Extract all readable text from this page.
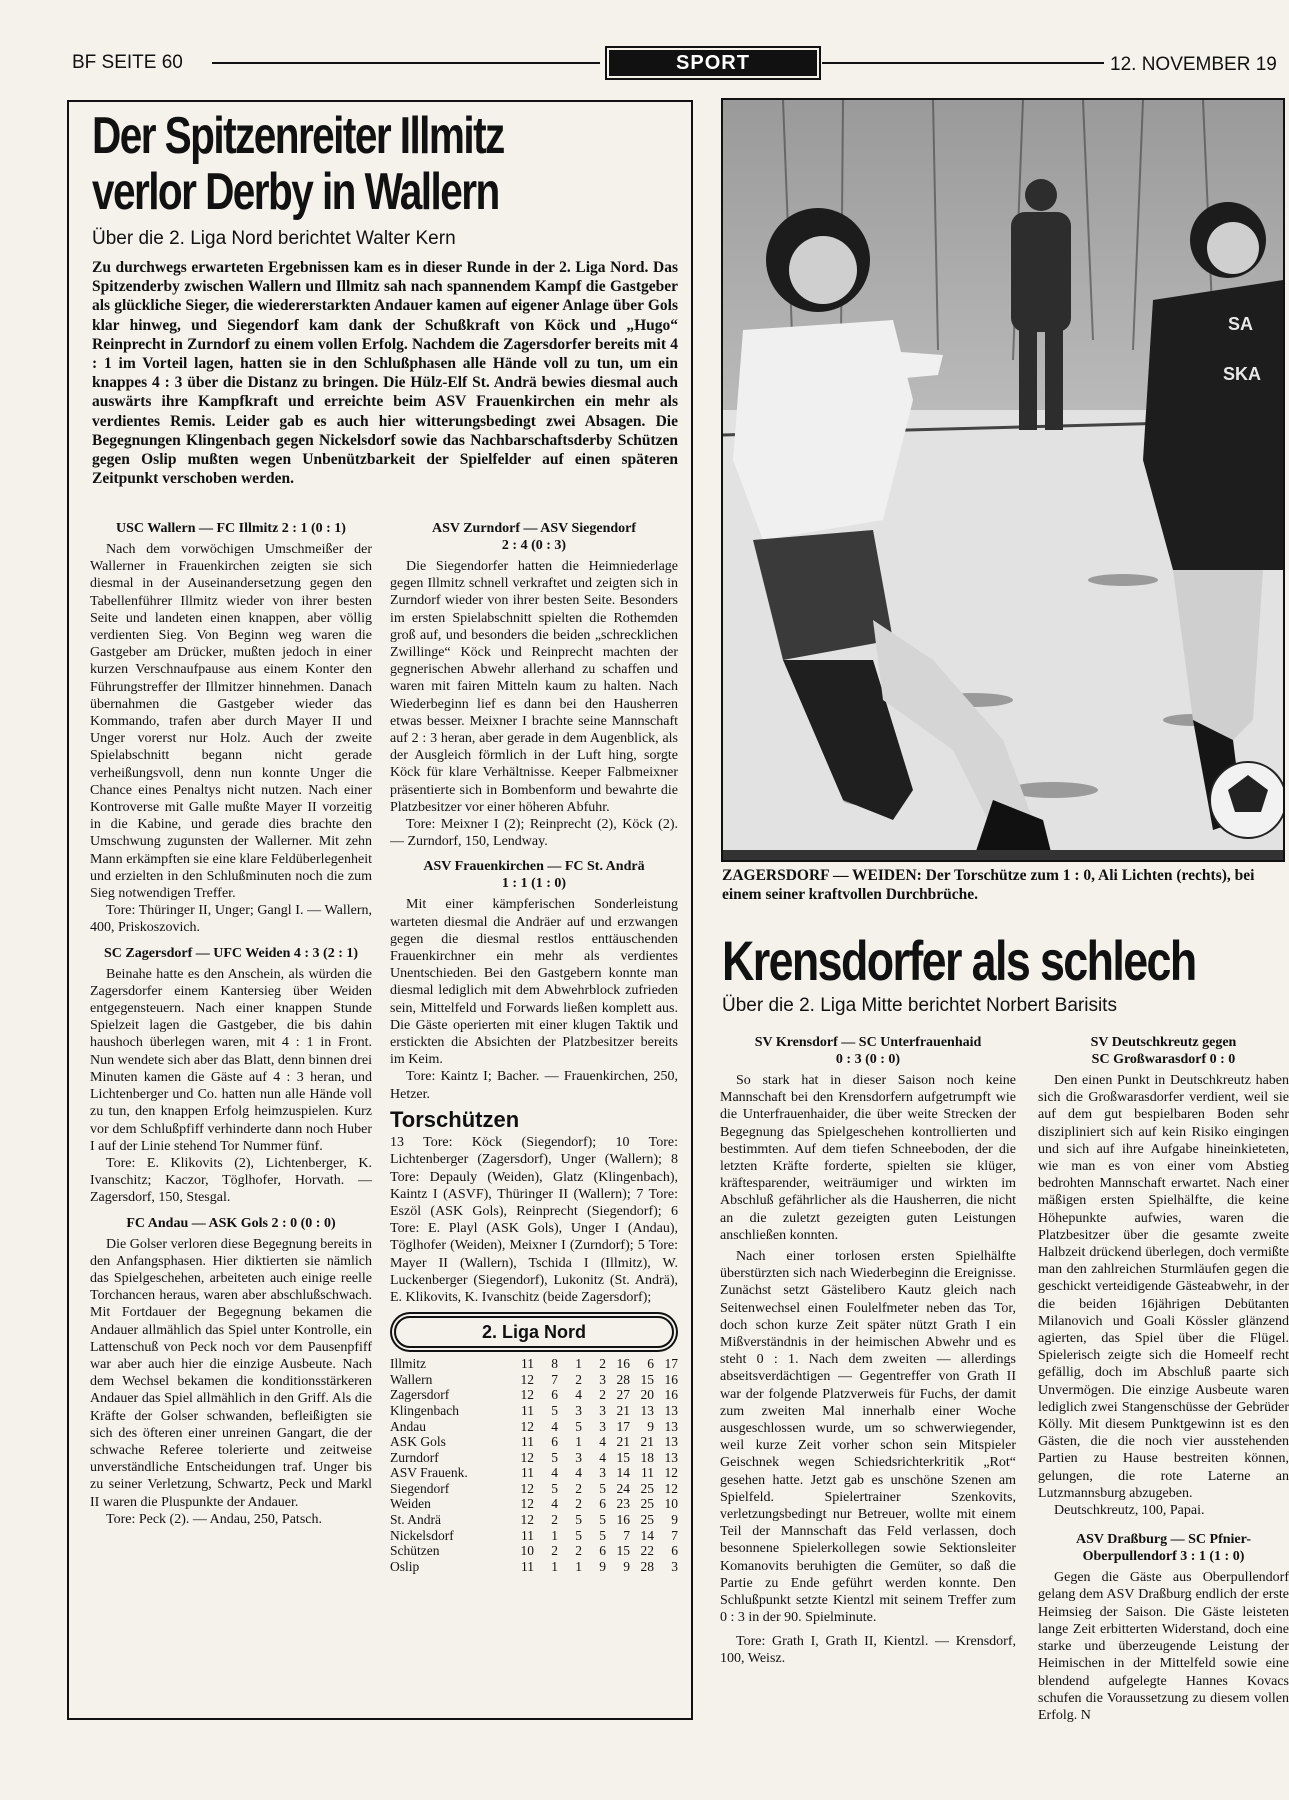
BF SEITE 60	SPORT	12. NOVEMBER 19
Der Spitzenreiter Illmitz
verlor Derby in Wallern
Über die 2. Liga Nord berichtet Walter Kern
Zu durchwegs erwarteten Ergebnissen kam es in dieser Runde in der 2. Liga Nord. Das Spitzenderby zwischen Wallern und Illmitz sah nach spannendem Kampf die Gastgeber als glückliche Sieger, die wiedererstarkten Andauer kamen auf eigener Anlage über Gols klar hinweg, und Siegendorf kam dank der Schußkraft von Köck und „Hugo“ Reinprecht in Zurndorf zu einem vollen Erfolg. Nachdem die Zagersdorfer bereits mit 4 : 1 im Vorteil lagen, hatten sie in den Schlußphasen alle Hände voll zu tun, um ein knappes 4 : 3 über die Distanz zu bringen. Die Hülz-Elf St. Andrä bewies diesmal auch auswärts ihre Kampfkraft und erreichte beim ASV Frauenkirchen ein mehr als verdientes Remis. Leider gab es auch hier witterungsbedingt zwei Absagen. Die Begegnungen Klingenbach gegen Nickelsdorf sowie das Nachbarschaftsderby Schützen gegen Oslip mußten wegen Unbenützbarkeit der Spielfelder auf einen späteren Zeitpunkt verschoben werden.
USC Wallern — FC Illmitz 2 : 1 (0 : 1)

Nach dem vorwöchigen Umschmeißer der Wallerner in Frauenkirchen zeigten sie sich diesmal in der Auseinandersetzung gegen den Tabellenführer Illmitz wieder von ihrer besten Seite und landeten einen knappen, aber völlig verdienten Sieg. Von Beginn weg waren die Gastgeber am Drücker, mußten jedoch in einer kurzen Verschnaufpause aus einem Konter den Führungstreffer der Illmitzer hinnehmen. Danach übernahmen die Gastgeber wieder das Kommando, trafen aber durch Mayer II und Unger vorerst nur Holz. Auch der zweite Spielabschnitt begann nicht gerade verheißungsvoll, denn nun konnte Unger die Chance eines Penaltys nicht nutzen. Nach einer Kontroverse mit Galle mußte Mayer II vorzeitig in die Kabine, und gerade dies brachte den Umschwung zugunsten der Wallerner. Mit zehn Mann erkämpften sie eine klare Feldüberlegenheit und erzielten in den Schlußminuten noch die zum Sieg notwendigen Treffer.

Tore: Thüringer II, Unger; Gangl I. — Wallern, 400, Priskoszovich.

SC Zagersdorf — UFC Weiden 4 : 3 (2 : 1)

Beinahe hatte es den Anschein, als würden die Zagersdorfer einem Kantersieg über Weiden entgegensteuern. Nach einer knappen Stunde Spielzeit lagen die Gastgeber, die bis dahin haushoch überlegen waren, mit 4 : 1 in Front. Nun wendete sich aber das Blatt, denn binnen drei Minuten kamen die Gäste auf 4 : 3 heran, und Lichtenberger und Co. hatten nun alle Hände voll zu tun, den knappen Erfolg heimzuspielen. Kurz vor dem Schlußpfiff verhinderte dann noch Huber I auf der Linie stehend Tor Nummer fünf.

Tore: E. Klikovits (2), Lichtenberger, K. Ivanschitz; Kaczor, Töglhofer, Horvath. — Zagersdorf, 150, Stesgal.

FC Andau — ASK Gols 2 : 0 (0 : 0)

Die Golser verloren diese Begegnung bereits in den Anfangsphasen. Hier diktierten sie nämlich das Spielgeschehen, arbeiteten auch einige reelle Torchancen heraus, waren aber abschlußschwach. Mit Fortdauer der Begegnung bekamen die Andauer allmählich das Spiel unter Kontrolle, ein Lattenschuß von Peck noch vor dem Pausenpfiff war aber auch hier die einzige Ausbeute. Nach dem Wechsel bekamen die konditionsstärkeren Andauer das Spiel allmählich in den Griff. Als die Kräfte der Golser schwanden, befleißigten sie sich des öfteren einer unreinen Gangart, die der schwache Referee tolerierte und zeitweise unverständliche Entscheidungen traf. Unger bis zu seiner Verletzung, Schwartz, Peck und Markl II waren die Pluspunkte der Andauer.

Tore: Peck (2). — Andau, 250, Patsch.

ASV Zurndorf — ASV Siegendorf
2 : 4 (0 : 3)

Die Siegendorfer hatten die Heimniederlage gegen Illmitz schnell verkraftet und zeigten sich in Zurndorf wieder von ihrer besten Seite. Besonders im ersten Spielabschnitt spielten die Rothemden groß auf, und besonders die beiden „schrecklichen Zwillinge“ Köck und Reinprecht machten der gegnerischen Abwehr allerhand zu schaffen und waren mit fairen Mitteln kaum zu halten. Nach Wiederbeginn lief es dann bei den Hausherren etwas besser. Meixner I brachte seine Mannschaft auf 2 : 3 heran, aber gerade in dem Augenblick, als der Ausgleich förmlich in der Luft hing, sorgte Köck für klare Verhältnisse. Keeper Falbmeixner präsentierte sich in Bombenform und bewahrte die Platzbesitzer vor einer höheren Abfuhr.

Tore: Meixner I (2); Reinprecht (2), Köck (2). — Zurndorf, 150, Lendway.

ASV Frauenkirchen — FC St. Andrä
1 : 1 (1 : 0)

Mit einer kämpferischen Sonderleistung warteten diesmal die Andräer auf und erzwangen gegen die diesmal restlos enttäuschenden Frauenkirchner ein mehr als verdientes Unentschieden. Bei den Gastgebern konnte man diesmal lediglich mit dem Abwehrblock zufrieden sein, Mittelfeld und Forwards ließen komplett aus. Die Gäste operierten mit einer klugen Taktik und erstickten die Absichten der Platzbesitzer bereits im Keim.

Tore: Kaintz I; Bacher. — Frauenkirchen, 250, Hetzer.

Torschützen

13 Tore: Köck (Siegendorf); 10 Tore: Lichtenberger (Zagersdorf), Unger (Wallern); 8 Tore: Depauly (Weiden), Glatz (Klingenbach), Kaintz I (ASVF), Thüringer II (Wallern); 7 Tore: Eszöl (ASK Gols), Reinprecht (Siegendorf); 6 Tore: E. Playl (ASK Gols), Unger I (Andau), Töglhofer (Weiden), Meixner I (Zurndorf); 5 Tore: Mayer II (Wallern), Tschida I (Illmitz), W. Luckenberger (Siegendorf), Lukonitz (St. Andrä), E. Klikovits, K. Ivanschitz (beide Zagersdorf);

2. Liga Nord
Illmitz	11	8	1	2	16	6	17
Wallern	12	7	2	3	28	15	16
Zagersdorf	12	6	4	2	27	20	16
Klingenbach	11	5	3	3	21	13	13
Andau	12	4	5	3	17	9	13
ASK Gols	11	6	1	4	21	21	13
Zurndorf	12	5	3	4	15	18	13
ASV Frauenk.	11	4	4	3	14	11	12
Siegendorf	12	5	2	5	24	25	12
Weiden	12	4	2	6	23	25	10
St. Andrä	12	2	5	5	16	25	9
Nickelsdorf	11	1	5	5	7	14	7
Schützen	10	2	2	6	15	22	6
Oslip	11	1	1	9	9	28	3
SA
SKA
ZAGERSDORF — WEIDEN: Der Torschütze zum 1 : 0, Ali Lichten (rechts), bei einem seiner kraftvollen Durchbrüche.
Krensdorfer als schlech
Über die 2. Liga Mitte berichtet Norbert Barisits
SV Krensdorf — SC Unterfrauenhaid
0 : 3 (0 : 0)

So stark hat in dieser Saison noch keine Mannschaft bei den Krensdorfern aufgetrumpft wie die Unterfrauenhaider, die über weite Strecken der Begegnung das Spielgeschehen kontrollierten und bestimmten. Auf dem tiefen Schneeboden, der die letzten Kräfte forderte, spielten sie klüger, kräftesparender, weiträumiger und wirkten im Abschluß gefährlicher als die Hausherren, die nicht an die zuletzt gezeigten guten Leistungen anschließen konnten.

Nach einer torlosen ersten Spielhälfte überstürzten sich nach Wiederbeginn die Ereignisse. Zunächst setzt Gästelibero Kautz gleich nach Seitenwechsel einen Foulelfmeter neben das Tor, doch schon kurze Zeit später nützt Grath I ein Mißverständnis in der heimischen Abwehr und es steht 0 : 1. Nach dem zweiten — allerdings abseitsverdächtigen — Gegentreffer von Grath II war der folgende Platzverweis für Fuchs, der damit zum zweiten Mal innerhalb einer Woche ausgeschlossen wurde, um so schwerwiegender, weil kurze Zeit vorher schon sein Mitspieler Geischnek wegen Schiedsrichterkritik „Rot“ gesehen hatte. Jetzt gab es unschöne Szenen am Spielfeld. Spielertrainer Szenkovits, verletzungsbedingt nur Betreuer, wollte mit einem Teil der Mannschaft das Feld verlassen, doch besonnene Spielerkollegen sowie Sektionsleiter Komanovits beruhigten die Gemüter, so daß die Partie zu Ende geführt werden konnte. Den Schlußpunkt setzte Kientzl mit seinem Treffer zum 0 : 3 in der 90. Spielminute.

Tore: Grath I, Grath II, Kientzl. — Krensdorf, 100, Weisz.

SV Deutschkreutz gegen
SC Großwarasdorf 0 : 0

Den einen Punkt in Deutschkreutz haben sich die Großwarasdorfer verdient, weil sie auf dem gut bespielbaren Boden sehr diszipliniert sich auf kein Risiko eingingen und sich auf ihre Aufgabe hineinkieteten, wie man es von einer vom Abstieg bedrohten Mannschaft erwartet. Nach einer mäßigen ersten Spielhälfte, die keine Höhepunkte aufwies, waren die Platzbesitzer über die gesamte zweite Halbzeit drückend überlegen, doch vermißte man den zahlreichen Sturmläufen gegen die geschickt verteidigende Gästeabwehr, in der die beiden 16jährigen Debütanten Milanovich und Goali Kössler glänzend agierten, das Spiel über die Flügel. Spielerisch zeigte sich die Homeelf recht gefällig, doch im Abschluß paarte sich Unvermögen. Die einzige Ausbeute waren lediglich zwei Stangenschüsse der Gebrüder Kölly. Mit diesem Punktgewinn ist es den Gästen, die die noch vier ausstehenden Partien zu Hause bestreiten können, gelungen, die rote Laterne an Lutzmannsburg abzugeben.

Deutschkreutz, 100, Papai.

ASV Draßburg — SC Pfnier-
Oberpullendorf 3 : 1 (1 : 0)

Gegen die Gäste aus Oberpullendorf gelang dem ASV Draßburg endlich der erste Heimsieg der Saison. Die Gäste leisteten lange Zeit erbitterten Widerstand, doch eine starke und überzeugende Leistung der Heimischen in der Mittelfeld sowie eine blendend aufgelegte Hannes Kovacs schufen die Voraussetzung zu diesem vollen Erfolg. N
